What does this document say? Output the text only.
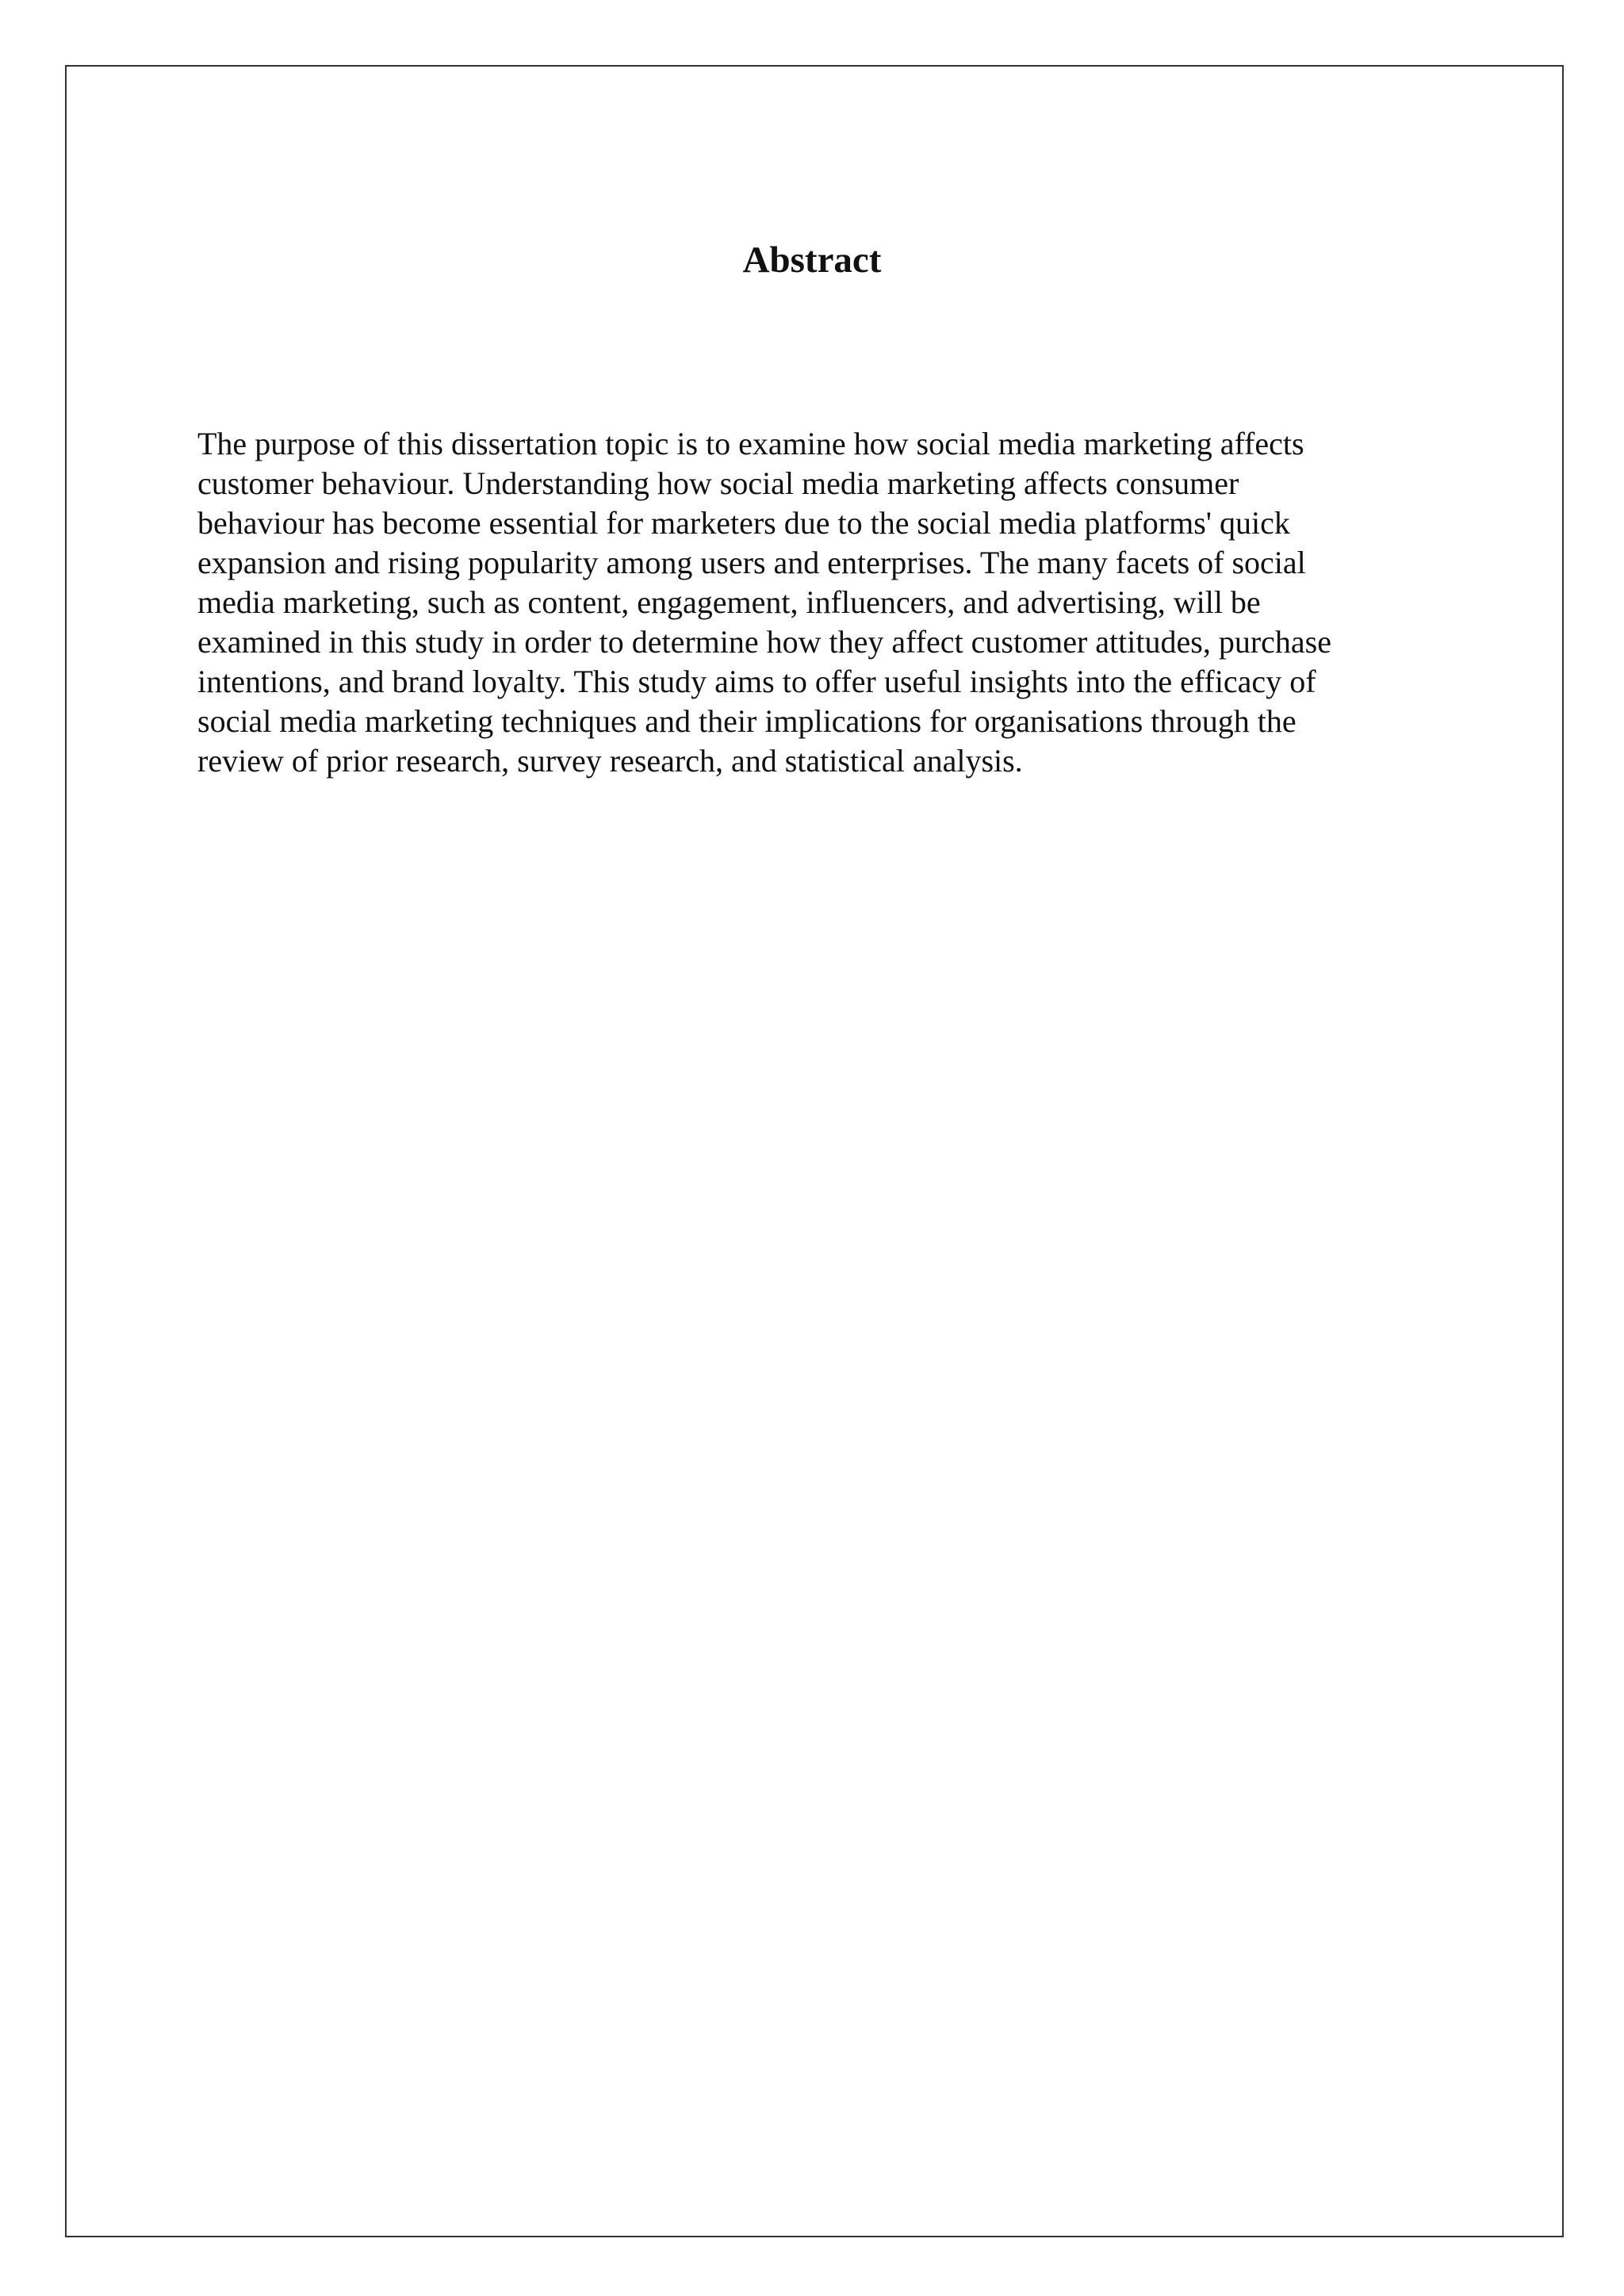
Abstract
The purpose of this dissertation topic is to examine how social media marketing affects
customer behaviour. Understanding how social media marketing affects consumer
behaviour has become essential for marketers due to the social media platforms' quick
expansion and rising popularity among users and enterprises. The many facets of social
media marketing, such as content, engagement, influencers, and advertising, will be
examined in this study in order to determine how they affect customer attitudes, purchase
intentions, and brand loyalty. This study aims to offer useful insights into the efficacy of
social media marketing techniques and their implications for organisations through the
review of prior research, survey research, and statistical analysis.
